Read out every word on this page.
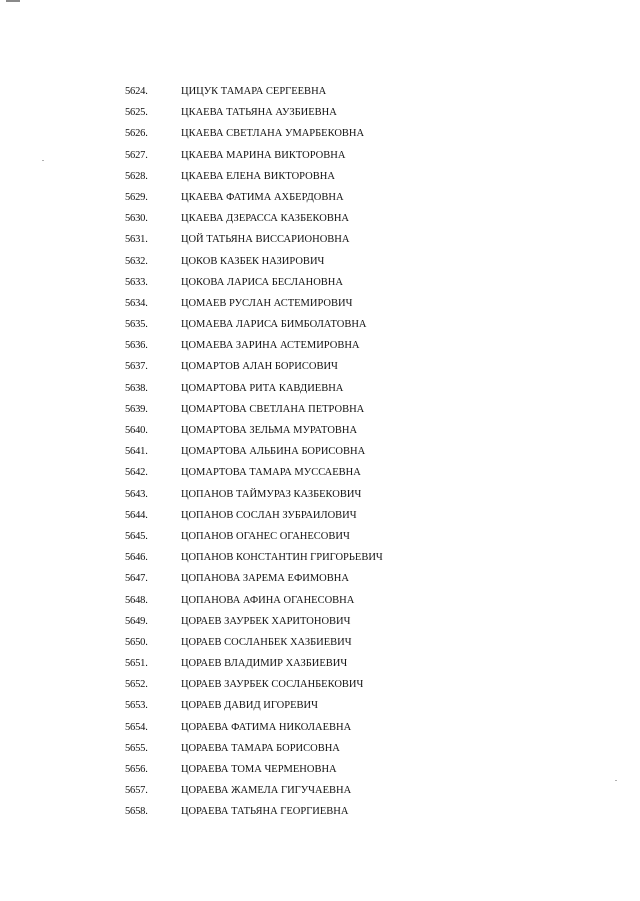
5624.	ЦИЦУК ТАМАРА СЕРГЕЕВНА
5625.	ЦКАЕВА ТАТЬЯНА АУЗБИЕВНА
5626.	ЦКАЕВА СВЕТЛАНА УМАРБЕКОВНА
5627.	ЦКАЕВА МАРИНА ВИКТОРОВНА
5628.	ЦКАЕВА ЕЛЕНА ВИКТОРОВНА
5629.	ЦКАЕВА ФАТИМА АХБЕРДОВНА
5630.	ЦКАЕВА ДЗЕРАССА КАЗБЕКОВНА
5631.	ЦОЙ ТАТЬЯНА ВИССАРИОНОВНА
5632.	ЦОКОВ КАЗБЕК НАЗИРОВИЧ
5633.	ЦОКОВА ЛАРИСА БЕСЛАНОВНА
5634.	ЦОМАЕВ РУСЛАН АСТЕМИРОВИЧ
5635.	ЦОМАЕВА ЛАРИСА БИМБОЛАТОВНА
5636.	ЦОМАЕВА ЗАРИНА АСТЕМИРОВНА
5637.	ЦОМАРТОВ АЛАН БОРИСОВИЧ
5638.	ЦОМАРТОВА РИТА КАВДИЕВНА
5639.	ЦОМАРТОВА СВЕТЛАНА ПЕТРОВНА
5640.	ЦОМАРТОВА ЗЕЛЬМА МУРАТОВНА
5641.	ЦОМАРТОВА АЛЬБИНА БОРИСОВНА
5642.	ЦОМАРТОВА ТАМАРА МУССАЕВНА
5643.	ЦОПАНОВ ТАЙМУРАЗ КАЗБЕКОВИЧ
5644.	ЦОПАНОВ СОСЛАН ЗУБРАИЛОВИЧ
5645.	ЦОПАНОВ ОГАНЕС ОГАНЕСОВИЧ
5646.	ЦОПАНОВ КОНСТАНТИН ГРИГОРЬЕВИЧ
5647.	ЦОПАНОВА ЗАРЕМА ЕФИМОВНА
5648.	ЦОПАНОВА АФИНА ОГАНЕСОВНА
5649.	ЦОРАЕВ ЗАУРБЕК ХАРИТОНОВИЧ
5650.	ЦОРАЕВ СОСЛАНБЕК ХАЗБИЕВИЧ
5651.	ЦОРАЕВ ВЛАДИМИР ХАЗБИЕВИЧ
5652.	ЦОРАЕВ ЗАУРБЕК СОСЛАНБЕКОВИЧ
5653.	ЦОРАЕВ ДАВИД ИГОРЕВИЧ
5654.	ЦОРАЕВА ФАТИМА НИКОЛАЕВНА
5655.	ЦОРАЕВА ТАМАРА БОРИСОВНА
5656.	ЦОРАЕВА ТОМА ЧЕРМЕНОВНА
5657.	ЦОРАЕВА ЖАМЕЛА ГИГУЧАЕВНА
5658.	ЦОРАЕВА ТАТЬЯНА ГЕОРГИЕВНА
